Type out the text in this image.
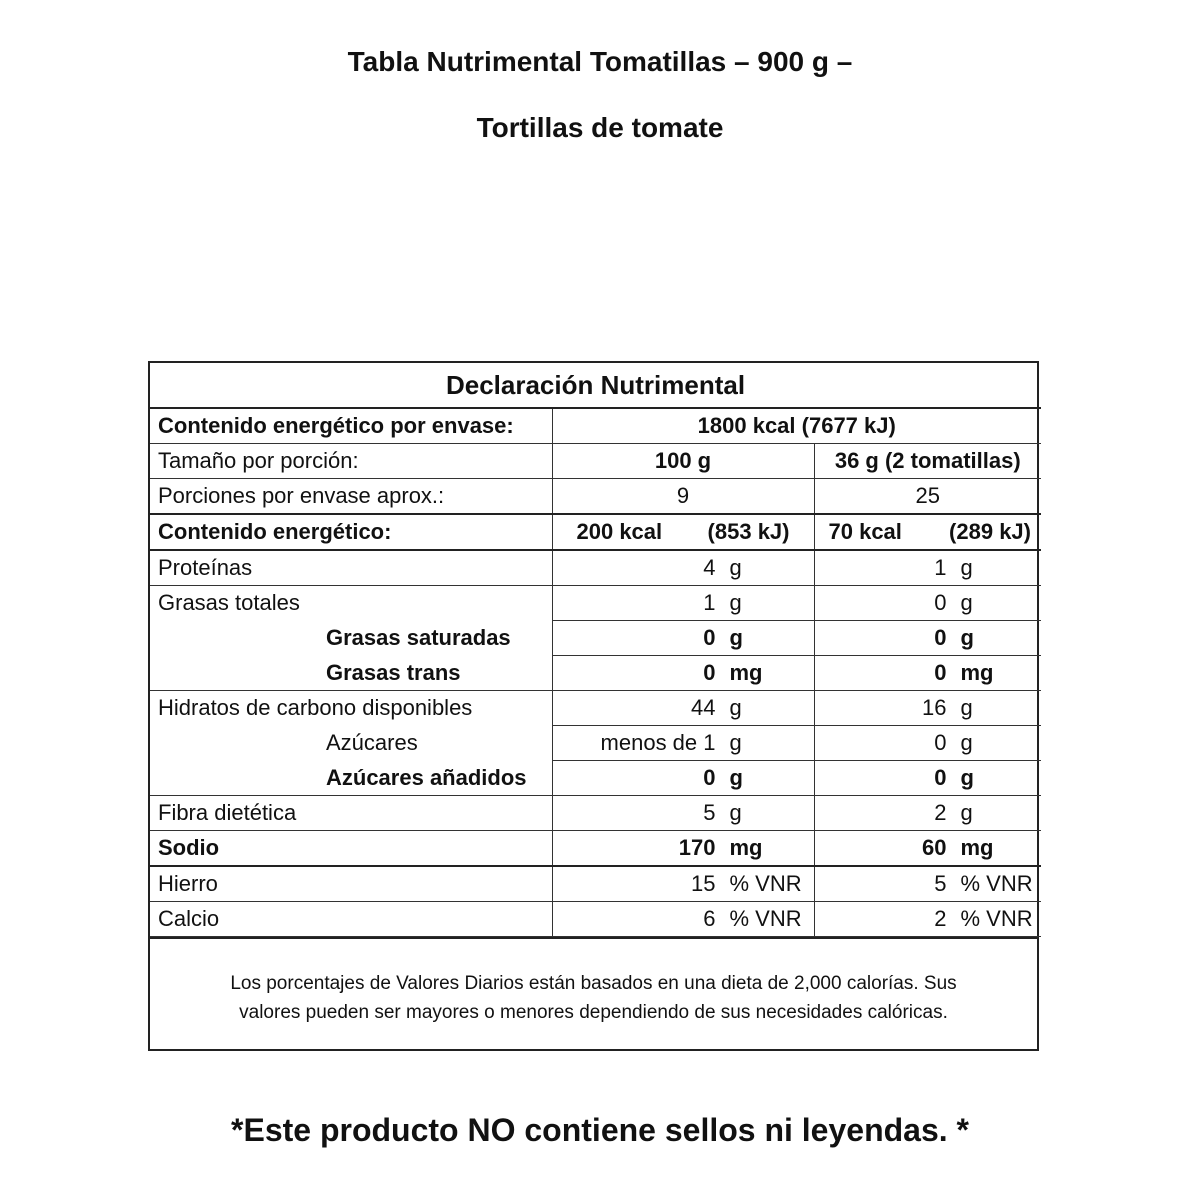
Tabla Nutrimental Tomatillas – 900 g –
Tortillas de tomate
Declaración Nutrimental		
Contenido energético por envase:	1800 kcal (7677 kJ)	
Tamaño por porción:	100 g	36 g (2 tomatillas)
Porciones por envase aprox.:	9	25
Contenido energético:	200 kcal (853 kJ)	70 kcal (289 kJ)

Proteínas	4 g	1 g

Grasas totales	1 g	0 g

Grasas saturadas	0 g	0 g

Grasas trans	0 mg	0 mg

Hidratos de carbono disponibles	44 g	16 g

Azúcares	menos de 1 g	0 g

Azúcares añadidos	0 g	0 g

Fibra dietética	5 g	2 g

Sodio	170 mg	60 mg

Hierro	15 % VNR	5 % VNR

Calcio	6 % VNR	2 % VNR
Los porcentajes de Valores Diarios están basados en una dieta de 2,000 calorías. Sus
valores pueden ser mayores o menores dependiendo de sus necesidades calóricas.

*Este producto NO contiene sellos ni leyendas. *
